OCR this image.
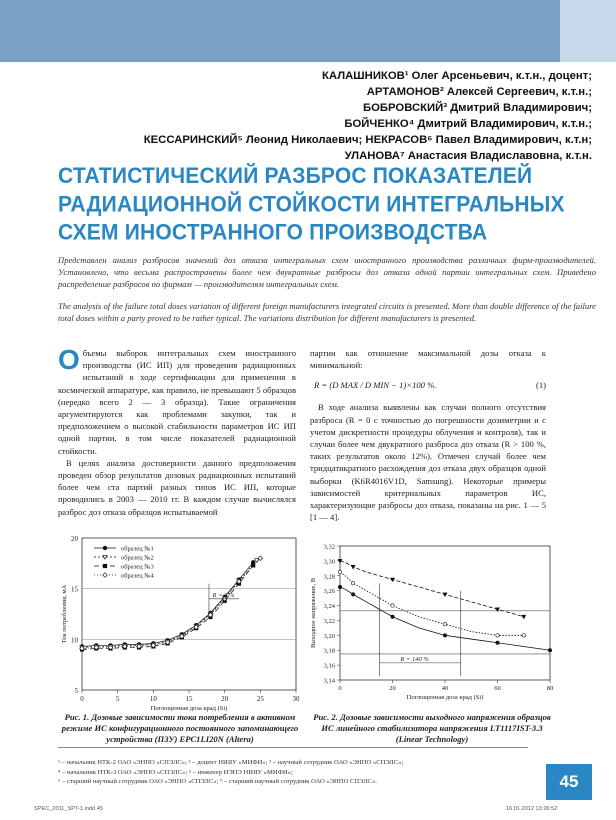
КАЛАШНИКОВ¹ Олег Арсеньевич, к.т.н., доцент;
АРТАМОНОВ² Алексей Сергеевич, к.т.н.;
БОБРОВСКИЙ³ Дмитрий Владимирович;
БОЙЧЕНКО⁴ Дмитрий Владимирович, к.т.н.;
КЕССАРИНСКИЙ⁵ Леонид Николаевич; НЕКРАСОВ⁶ Павел Владимирович, к.т.н;
УЛАНОВА⁷ Анастасия Владиславовна, к.т.н.
СТАТИСТИЧЕСКИЙ РАЗБРОС ПОКАЗАТЕЛЕЙ
РАДИАЦИОННОЙ СТОЙКОСТИ ИНТЕГРАЛЬНЫХ
СХЕМ ИНОСТРАННОГО ПРОИЗВОДСТВА
Представлен анализ разбросов значений доз отказа интегральных схем иностранного производства различных фирм-производителей. Установлено, что весьма распространены более чем двукратные разбросы доз отказа одной партии интегральных схем. Приведено распределение разбросов по фирмам — производителям интегральных схем.
The analysis of the failure total doses variation of different foreign manufacturers integrated circuits is presented. More than double difference of the failure total doses within a party proved to be rather typical. The variations distribution for different manufacturers is presented.

Объемы выборок интегральных схем иностранного производства (ИС ИП) для проведения радиационных испытаний в ходе сертификации для применения в космической аппаратуре, как правило, не превышают 5 образцов (нередко всего 2 — 3 образца). Такие ограничения аргументируются как проблемами закупки, так и предположением о высокой стабильности параметров ИС ИП одной партии, в том числе показателей радиационной стойкости.

В целях анализа достоверности данного предположения проведен обзор результатов дозовых радиационных испытаний более чем ста партий разных типов ИС ИП, которые проводились в 2003 — 2010 гг. В каждом случае вычислялся разброс доз отказа образцов испытываемой

партии как отношение максимальной дозы отказа к минимальной:

R = (D MAX / D MIN − 1)×100 %.	(1)

В ходе анализа выявлены как случаи полного отсутствия разброса (R = 0 с точностью до погрешности дозиметрии и с учетом дискретности процедуры облучения и контроля), так и случаи более чем двукратного разброса доз отказа (R > 100 %, таких результатов около 12%). Отмечен случай более чем тридцатикратного расхождения доз отказа двух образцов одной выборки (K6R4016V1D, Samsung). Некоторые примеры зависимостей критериальных параметров ИС, характеризующие разбросы доз отказа, показаны на рис. 1 — 5 [1 — 4].

5
10
15
20
0	5	10	15	20	25	30
Поглощенная доза крад (Si)
Ток потребления, мА
образец №1
образец №2
образец №3
образец №4
R = 3 %
Рис. 1. Дозовые зависимости тока потребления в активном режиме ИС конфигурационного постоянного запоминающего устройства (ПЗУ) EPC1LI20N (Altera)
3,14
3,16
3,18
3,20
3,22
3,24
3,26
3,28
3,30
3,32
0	20	40	60	80
Поглощенная доза крад (Si)
Выходное напряжение, В
R = 140 %
Рис. 2. Дозовые зависимости выходного напряжения образцов ИС линейного стабилизатора напряжения LT1117IST-3.3 (Linear Technology)
¹ – начальник НТК-2 ОАО «ЭНПО «СПЭЛС»; ² – доцент НИЯУ «МИФИ»; ³ – научный сотрудник ОАО «ЭНПО «СПЭЛС»;
⁴ – начальник НТК-3 ОАО «ЭНПО «СПЭЛС»; ⁵ – инженер ИЭПЭ НИЯУ «МИФИ»;
⁶ – старший научный сотрудник ОАО «ЭНПО «СПЭЛС»; ⁷ – старший научный сотрудник ОАО «ЭНПО СПЭЛС».	45
SPEC_2011_SPT-1.indd 45	16.01.2012 13:26:52
